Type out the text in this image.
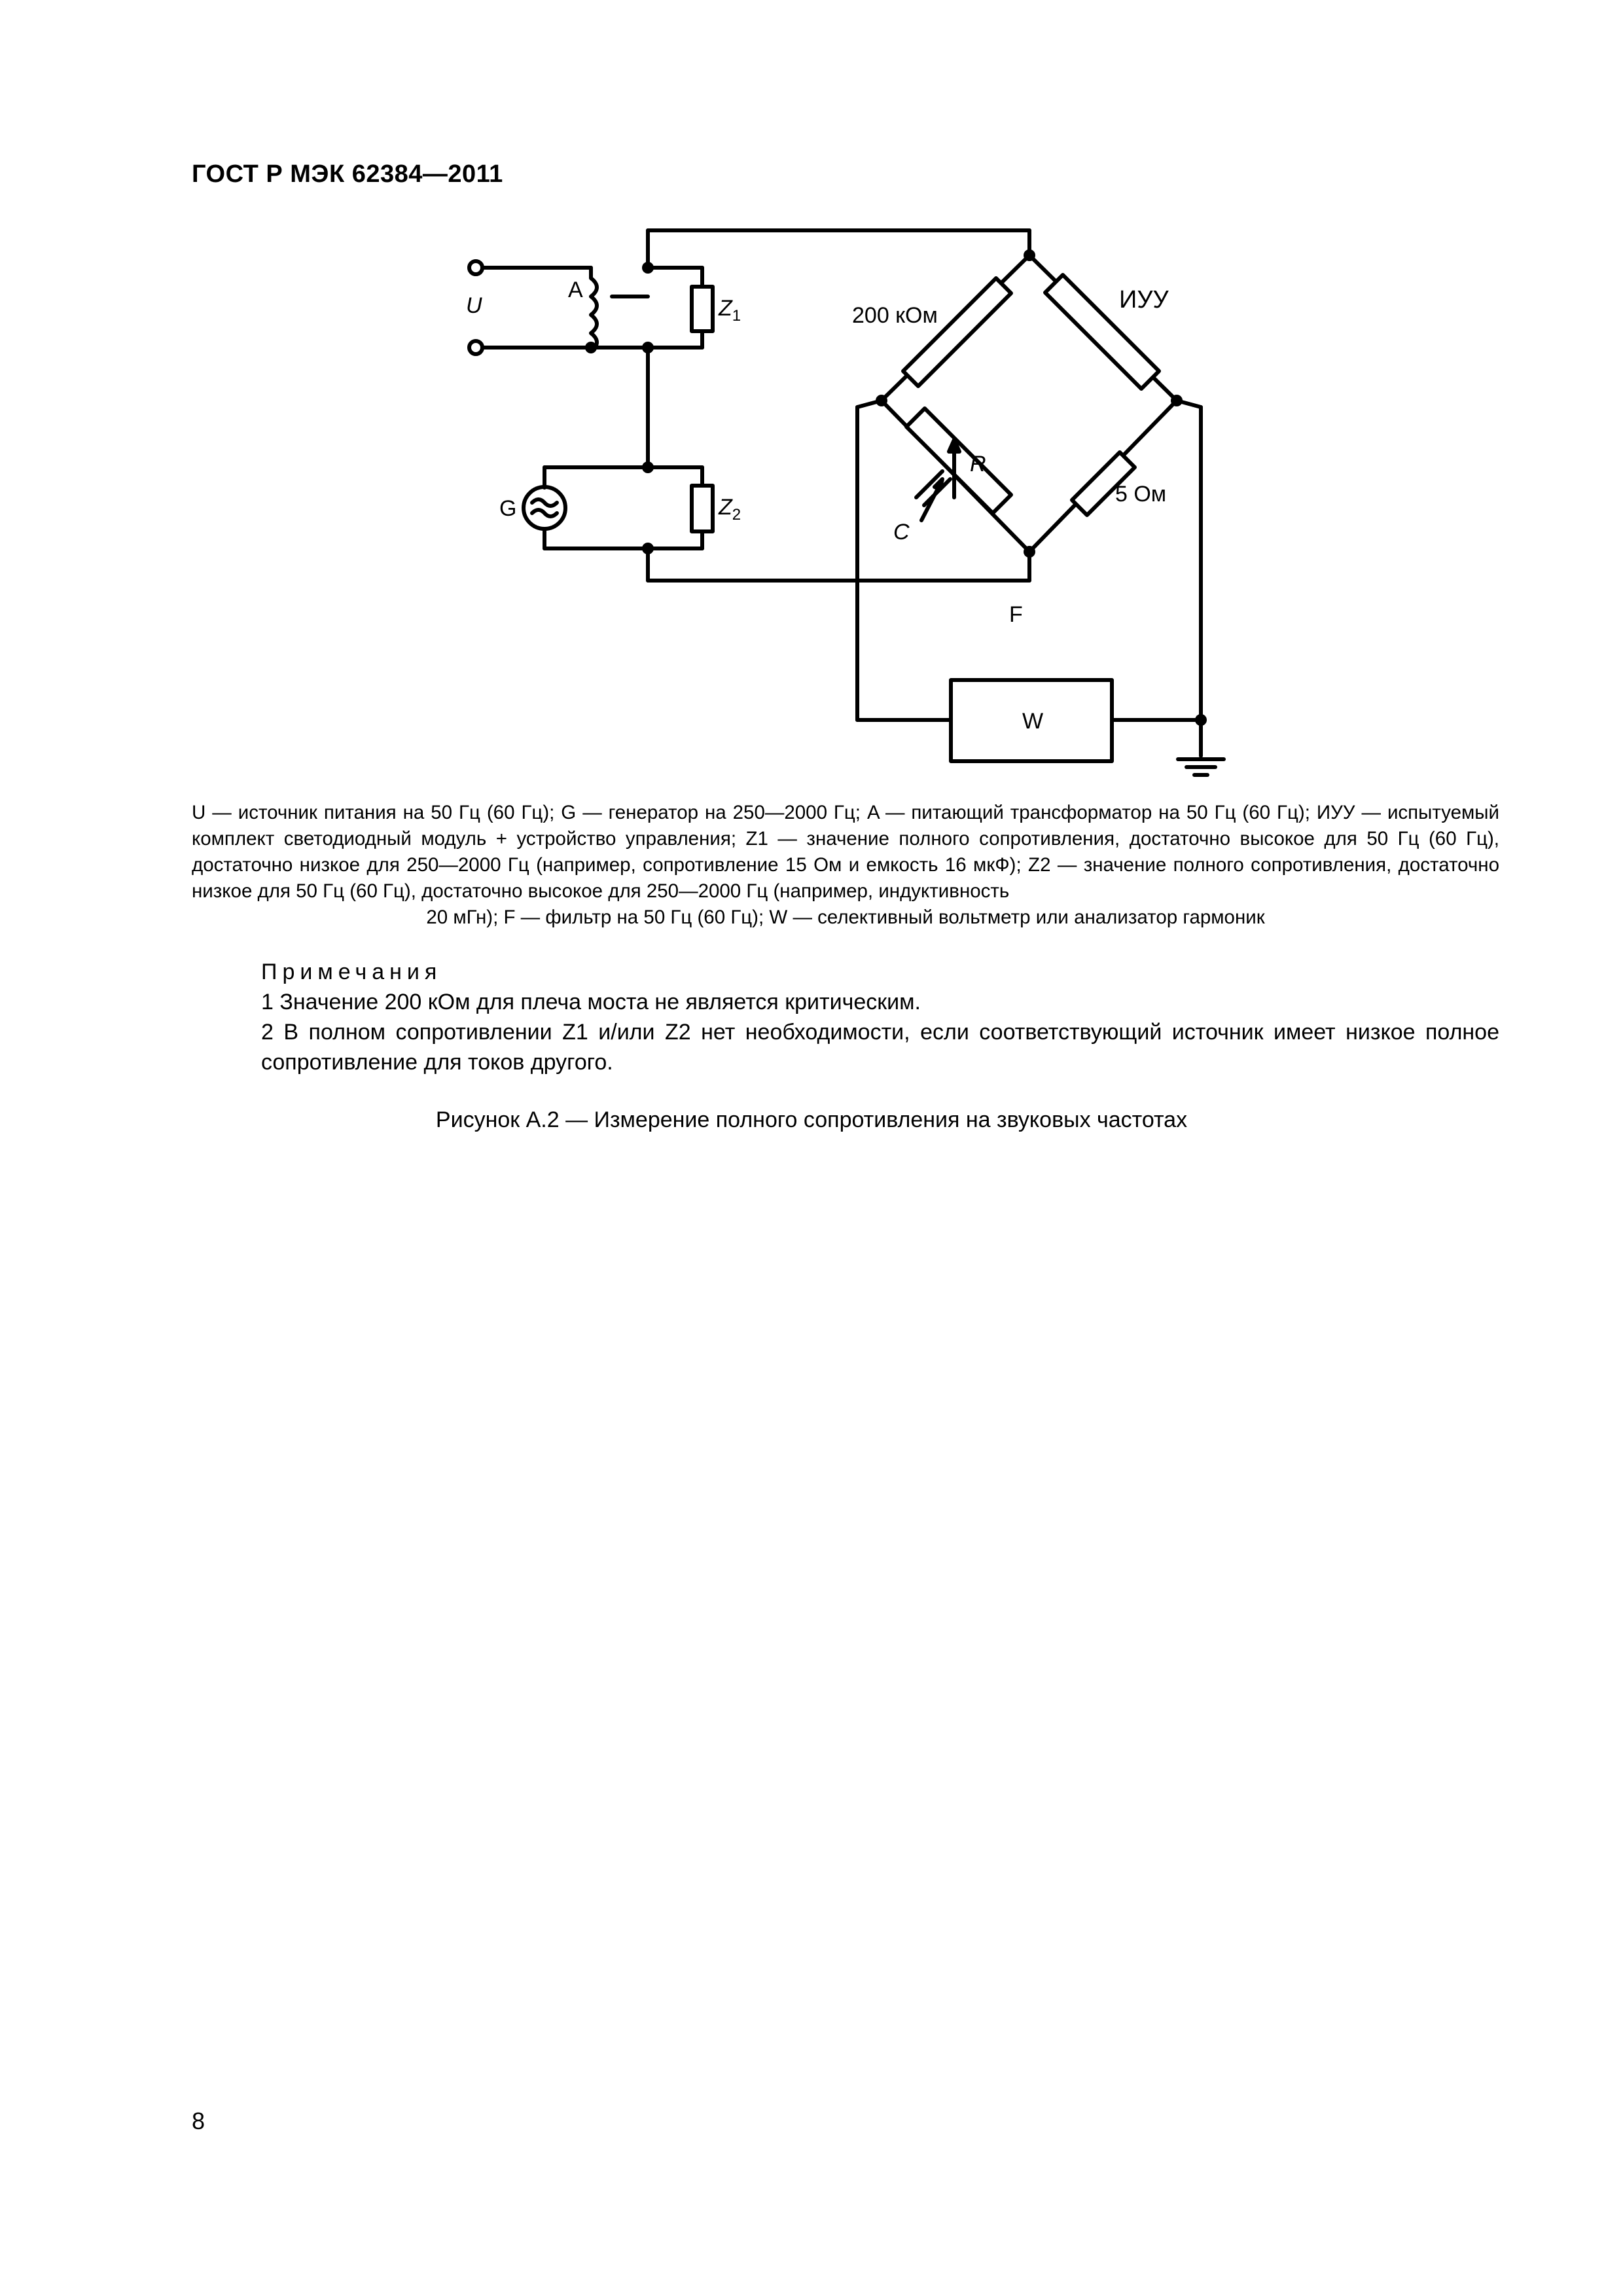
ГОСТ Р МЭК 62384—2011
U
A
$Z_1$
$Z_2$
G
200 кОм
ИУУ
R
C
5 Ом
F
W
U — источник питания на 50 Гц (60 Гц); G — генератор на 250—2000 Гц; A — питающий трансформатор на 50 Гц (60 Гц); ИУУ — испытуемый комплект светодиодный модуль + устройство управления; Z1 — значение полного сопротивления, достаточно высокое для 50 Гц (60 Гц), достаточно низкое для 250—2000 Гц (например, сопротивление 15 Ом и емкость 16 мкФ); Z2 — значение полного сопротивления, достаточно низкое для 50 Гц (60 Гц), достаточно высокое для 250—2000 Гц (например, индуктивность
20 мГн); F — фильтр на 50 Гц (60 Гц); W — селективный вольтметр или анализатор гармоник

Примечания

1 Значение 200 кОм для плеча моста не является критическим.

2 В полном сопротивлении Z1 и/или Z2 нет необходимости, если соответствующий источник имеет низкое полное сопротивление для токов другого.

Рисунок А.2 — Измерение полного сопротивления на звуковых частотах
8
